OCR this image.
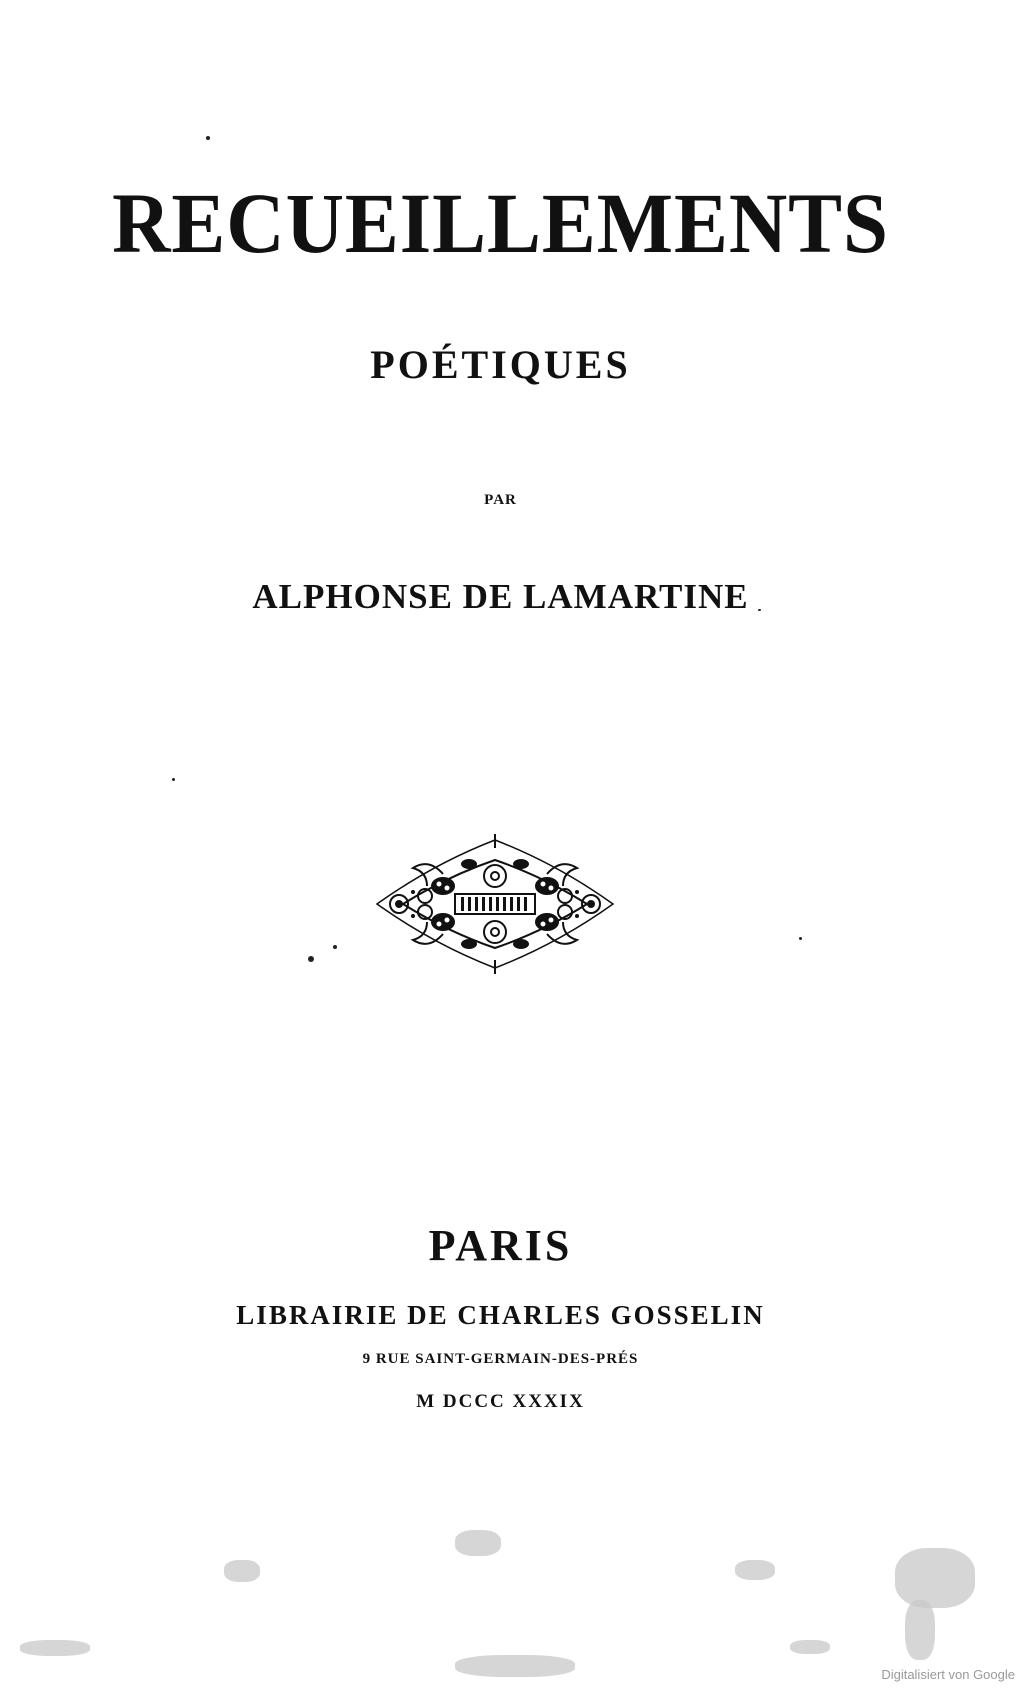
RECUEILLEMENTS
POÉTIQUES
PAR
ALPHONSE DE LAMARTINE
PARIS
LIBRAIRIE DE CHARLES GOSSELIN
9 RUE SAINT-GERMAIN-DES-PRÉS
M DCCC XXXIX
Digitalisiert von Google
